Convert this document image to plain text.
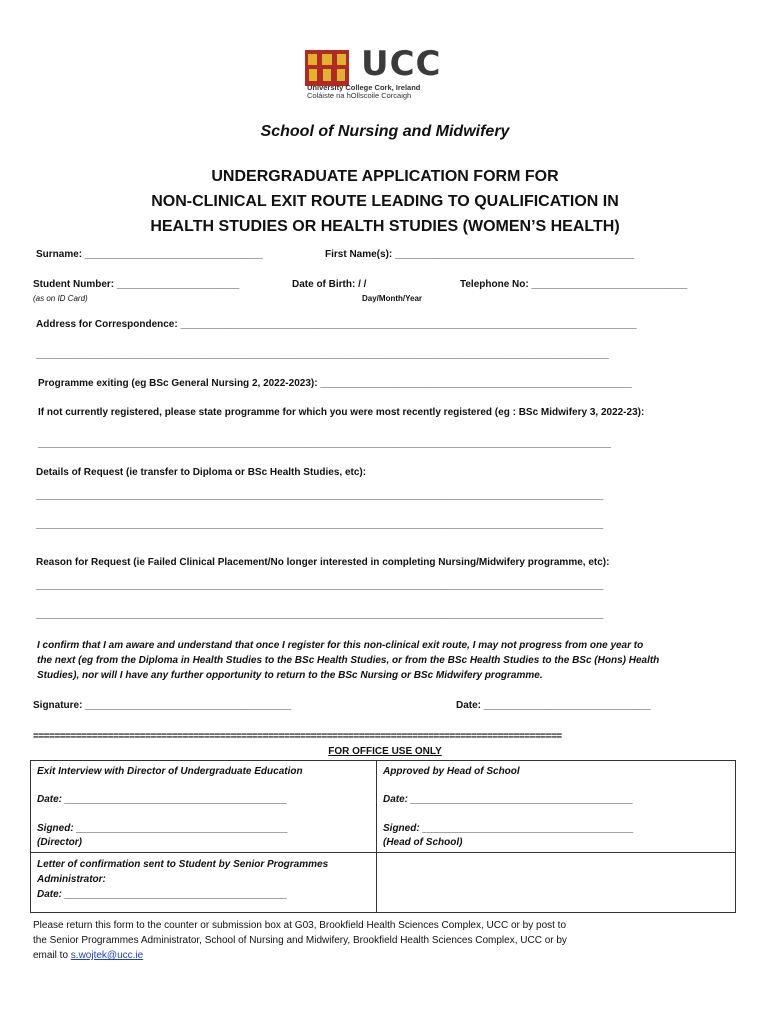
UCC
University College Cork, Ireland
Coláiste na hOllscoile Corcaigh
School of Nursing and Midwifery
UNDERGRADUATE APPLICATION FORM FOR
NON-CLINICAL EXIT ROUTE LEADING TO QUALIFICATION IN
HEALTH STUDIES OR HEALTH STUDIES (WOMEN’S HEALTH)
Surname: ________________________________	First Name(s): ___________________________________________
Student Number: ______________________
(as on ID Card)
Date of Birth: / /
Day/Month/Year
Telephone No: ____________________________
Address for Correspondence: __________________________________________________________________________________
_______________________________________________________________________________________________________
Programme exiting (eg BSc General Nursing 2, 2022-2023): ________________________________________________________
If not currently registered, please state programme for which you were most recently registered (eg : BSc Midwifery 3, 2022-23):
_______________________________________________________________________________________________________
Details of Request (ie transfer to Diploma or BSc Health Studies, etc):
______________________________________________________________________________________________________
______________________________________________________________________________________________________
Reason for Request (ie Failed Clinical Placement/No longer interested in completing Nursing/Midwifery programme, etc):
______________________________________________________________________________________________________
______________________________________________________________________________________________________
I confirm that I am aware and understand that once I register for this non-clinical exit route, I may not progress from one year to
the next (eg from the Diploma in Health Studies to the BSc Health Studies, or from the BSc Health Studies to the BSc (Hons) Health
Studies), nor will I have any further opportunity to return to the BSc Nursing or BSc Midwifery programme.
Signature: _____________________________________	Date: ______________________________
===================================================================================================
FOR OFFICE USE ONLY
Exit Interview with Director of Undergraduate Education
Date: ________________________________________
Signed: ______________________________________
(Director)
Approved by Head of School
Date: ________________________________________
Signed: ______________________________________
(Head of School)
Letter of confirmation sent to Student by Senior Programmes
Administrator:
Date: ________________________________________
Please return this form to the counter or submission box at G03, Brookfield Health Sciences Complex, UCC or by post to
the Senior Programmes Administrator, School of Nursing and Midwifery, Brookfield Health Sciences Complex, UCC or by
email to s.wojtek@ucc.ie
